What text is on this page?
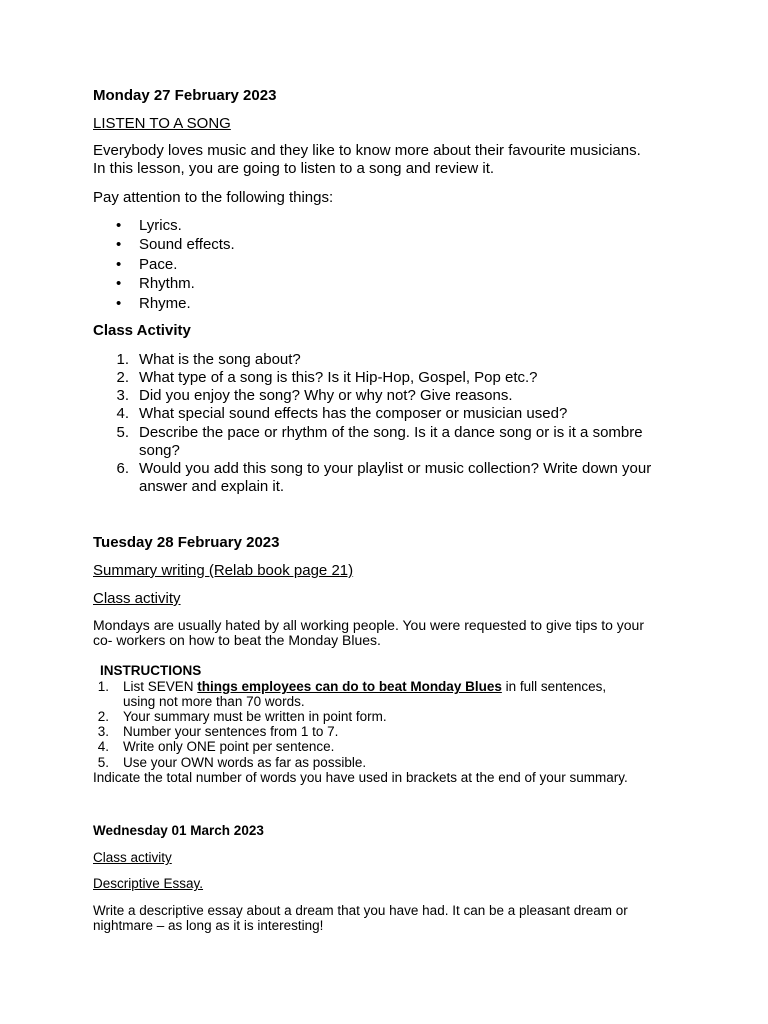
Monday 27 February 2023
LISTEN TO A SONG
Everybody loves music and they like to know more about their favourite musicians.
In this lesson, you are going to listen to a song and review it.
Pay attention to the following things:
• Lyrics.
• Sound effects.
• Pace.
• Rhythm.
• Rhyme.
Class Activity
1. What is the song about?
2. What type of a song is this? Is it Hip-Hop, Gospel, Pop etc.?
3. Did you enjoy the song? Why or why not? Give reasons.
4. What special sound effects has the composer or musician used?
5. Describe the pace or rhythm of the song. Is it a dance song or is it a sombre
song?
6. Would you add this song to your playlist or music collection? Write down your
answer and explain it.
Tuesday 28 February 2023
Summary writing (Relab book page 21)
Class activity
Mondays are usually hated by all working people. You were requested to give tips to your
co- workers on how to beat the Monday Blues.
INSTRUCTIONS
1. List SEVEN things employees can do to beat Monday Blues in full sentences,
using not more than 70 words.
2. Your summary must be written in point form.
3. Number your sentences from 1 to 7.
4. Write only ONE point per sentence.
5. Use your OWN words as far as possible.
Indicate the total number of words you have used in brackets at the end of your summary.
Wednesday 01 March 2023
Class activity
Descriptive Essay.
Write a descriptive essay about a dream that you have had. It can be a pleasant dream or
nightmare – as long as it is interesting!
